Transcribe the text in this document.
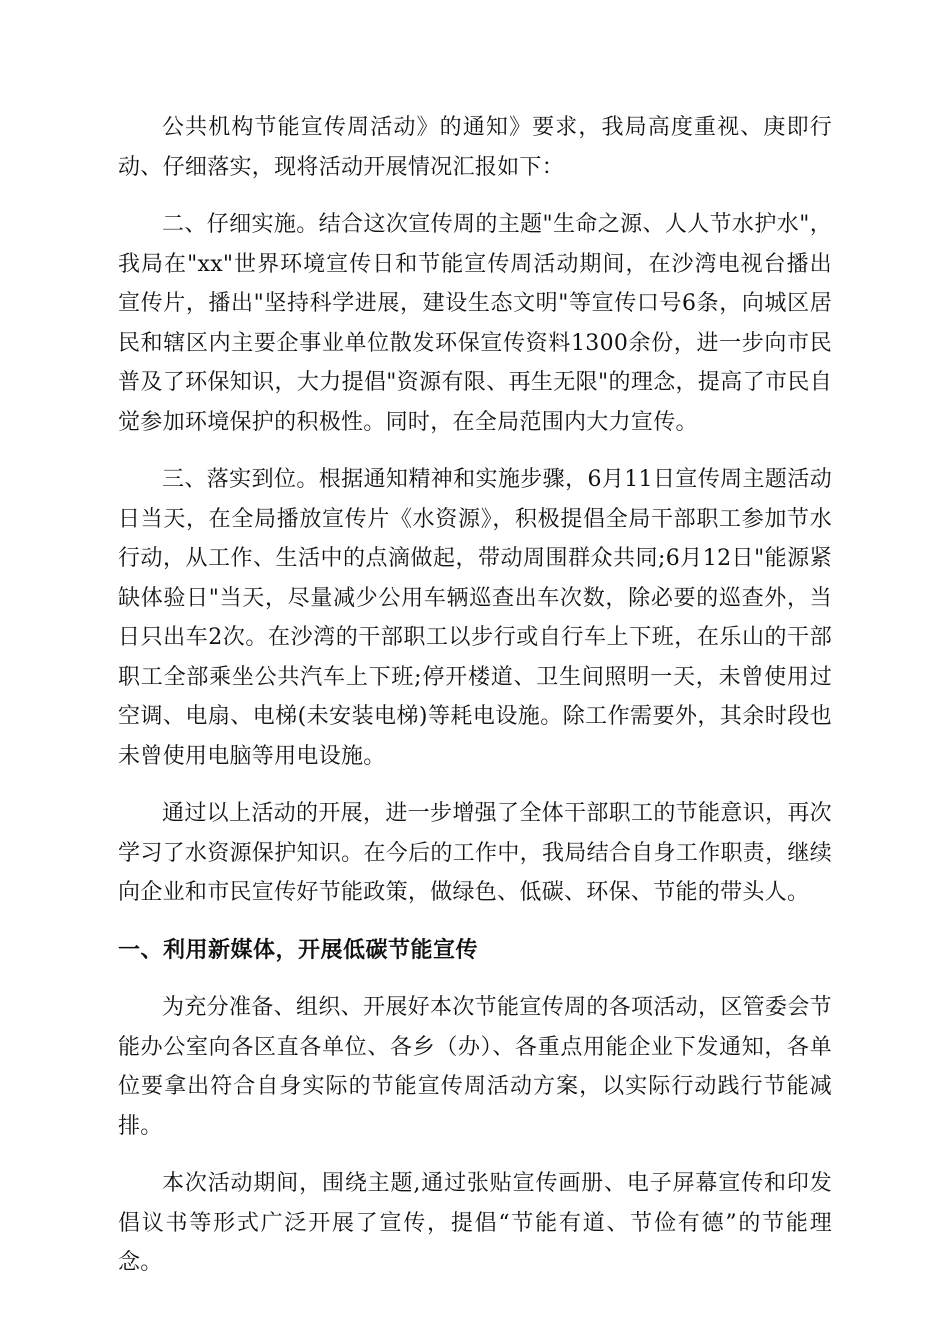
公共机构节能宣传周活动》的通知》要求，我局高度重视、庚即行动、仔细落实，现将活动开展情况汇报如下：

二、仔细实施。结合这次宣传周的主题"生命之源、人人节水护水"，我局在"xx"世界环境宣传日和节能宣传周活动期间，在沙湾电视台播出宣传片，播出"坚持科学进展，建设生态文明"等宣传口号6条，向城区居民和辖区内主要企事业单位散发环保宣传资料1300余份，进一步向市民普及了环保知识，大力提倡"资源有限、再生无限"的理念，提高了市民自觉参加环境保护的积极性。同时，在全局范围内大力宣传。

三、落实到位。根据通知精神和实施步骤，6月11日宣传周主题活动日当天，在全局播放宣传片《水资源》，积极提倡全局干部职工参加节水行动，从工作、生活中的点滴做起，带动周围群众共同;6月12日"能源紧缺体验日"当天，尽量减少公用车辆巡查出车次数，除必要的巡查外，当日只出车2次。在沙湾的干部职工以步行或自行车上下班，在乐山的干部职工全部乘坐公共汽车上下班;停开楼道、卫生间照明一天，未曾使用过空调、电扇、电梯(未安装电梯)等耗电设施。除工作需要外，其余时段也未曾使用电脑等用电设施。

通过以上活动的开展，进一步增强了全体干部职工的节能意识，再次学习了水资源保护知识。在今后的工作中，我局结合自身工作职责，继续向企业和市民宣传好节能政策，做绿色、低碳、环保、节能的带头人。

一、利用新媒体，开展低碳节能宣传

为充分准备、组织、开展好本次节能宣传周的各项活动，区管委会节能办公室向各区直各单位、各乡（办）、各重点用能企业下发通知，各单位要拿出符合自身实际的节能宣传周活动方案，以实际行动践行节能减排。

本次活动期间，围绕主题,通过张贴宣传画册、电子屏幕宣传和印发倡议书等形式广泛开展了宣传，提倡“节能有道、节俭有德”的节能理念。
